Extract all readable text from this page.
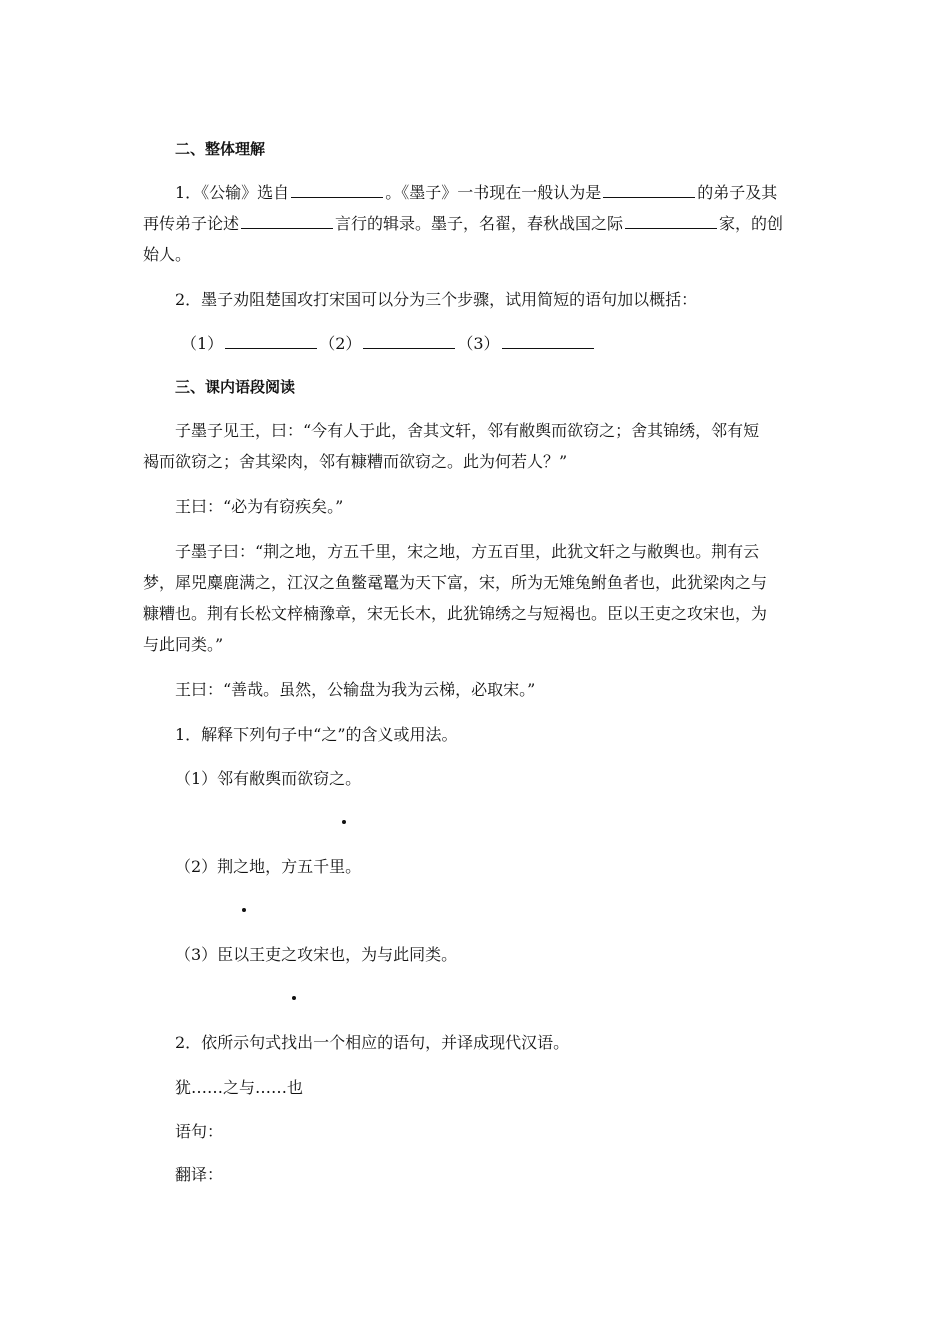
二、整体理解
1．《公输》选自	。《墨子》一书现在一般认为是	的弟子及其
再传弟子论述	言行的辑录。墨子，名翟，春秋战国之际	家，的创
始人。
2．墨子劝阻楚国攻打宋国可以分为三个步骤，试用简短的语句加以概括：
（1）	（2）	（3）
三、课内语段阅读
子墨子见王，曰：“今有人于此，舍其文轩，邻有敝舆而欲窃之；舍其锦绣，邻有短
褐而欲窃之；舍其梁肉，邻有糠糟而欲窃之。此为何若人？”
王曰：“必为有窃疾矣。”
子墨子曰：“荆之地，方五千里，宋之地，方五百里，此犹文轩之与敝舆也。荆有云
梦，犀兕麋鹿满之，江汉之鱼鳖鼋鼍为天下富，宋，所为无雉兔鲋鱼者也，此犹梁肉之与
糠糟也。荆有长松文梓楠豫章，宋无长木，此犹锦绣之与短褐也。臣以王吏之攻宋也，为
与此同类。”
王曰：“善哉。虽然，公输盘为我为云梯，必取宋。”
1．解释下列句子中“之”的含义或用法。
（1）邻有敝舆而欲窃之。
（2）荆之地，方五千里。
（3）臣以王吏之攻宋也，为与此同类。
2．依所示句式找出一个相应的语句，并译成现代汉语。
犹……之与……也
语句：
翻译：
